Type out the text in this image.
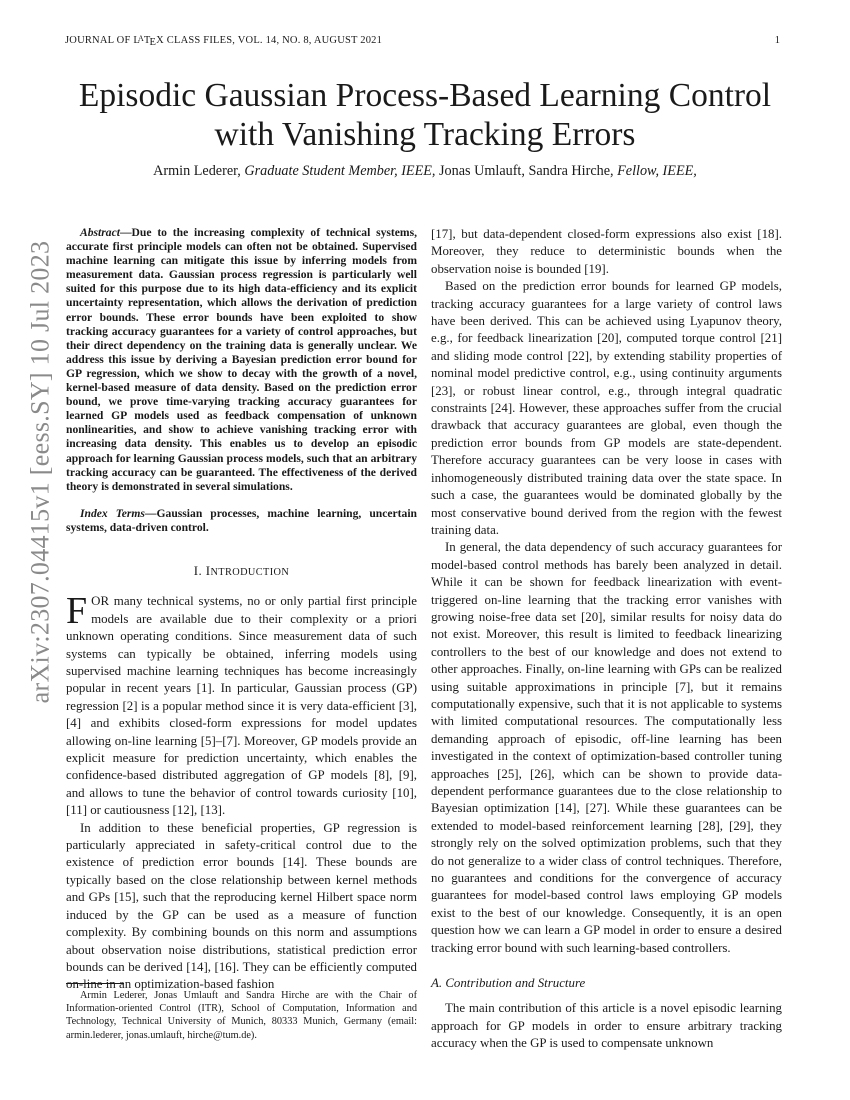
JOURNAL OF LATEX CLASS FILES, VOL. 14, NO. 8, AUGUST 2021	1
arXiv:2307.04415v1 [eess.SY] 10 Jul 2023
Episodic Gaussian Process-Based Learning Control with Vanishing Tracking Errors
Armin Lederer, Graduate Student Member, IEEE, Jonas Umlauft, Sandra Hirche, Fellow, IEEE,

Abstract—Due to the increasing complexity of technical systems, accurate first principle models can often not be obtained. Supervised machine learning can mitigate this issue by inferring models from measurement data. Gaussian process regression is particularly well suited for this purpose due to its high data-efficiency and its explicit uncertainty representation, which allows the derivation of prediction error bounds. These error bounds have been exploited to show tracking accuracy guarantees for a variety of control approaches, but their direct dependency on the training data is generally unclear. We address this issue by deriving a Bayesian prediction error bound for GP regression, which we show to decay with the growth of a novel, kernel-based measure of data density. Based on the prediction error bound, we prove time-varying tracking accuracy guarantees for learned GP models used as feedback compensation of unknown nonlinearities, and show to achieve vanishing tracking error with increasing data density. This enables us to develop an episodic approach for learning Gaussian process models, such that an arbitrary tracking accuracy can be guaranteed. The effectiveness of the derived theory is demonstrated in several simulations.

Index Terms—Gaussian processes, machine learning, uncertain systems, data-driven control.

I. INTRODUCTION

FOR many technical systems, no or only partial first principle models are available due to their complexity or a priori unknown operating conditions. Since measurement data of such systems can typically be obtained, inferring models using supervised machine learning techniques has become increasingly popular in recent years [1]. In particular, Gaussian process (GP) regression [2] is a popular method since it is very data-efficient [3], [4] and exhibits closed-form expressions for model updates allowing on-line learning [5]–[7]. Moreover, GP models provide an explicit measure for prediction uncertainty, which enables the confidence-based distributed aggregation of GP models [8], [9], and allows to tune the behavior of control towards curiosity [10], [11] or cautiousness [12], [13].

In addition to these beneficial properties, GP regression is particularly appreciated in safety-critical control due to the existence of prediction error bounds [14]. These bounds are typically based on the close relationship between kernel methods and GPs [15], such that the reproducing kernel Hilbert space norm induced by the GP can be used as a measure of function complexity. By combining bounds on this norm and assumptions about observation noise distributions, statistical prediction error bounds can be derived [14], [16]. They can be efficiently computed on-line in an optimization-based fashion

Armin Lederer, Jonas Umlauft and Sandra Hirche are with the Chair of Information-oriented Control (ITR), School of Computation, Information and Technology, Technical University of Munich, 80333 Munich, Germany (email: armin.lederer, jonas.umlauft, hirche@tum.de).

[17], but data-dependent closed-form expressions also exist [18]. Moreover, they reduce to deterministic bounds when the observation noise is bounded [19].

Based on the prediction error bounds for learned GP models, tracking accuracy guarantees for a large variety of control laws have been derived. This can be achieved using Lyapunov theory, e.g., for feedback linearization [20], computed torque control [21] and sliding mode control [22], by extending stability properties of nominal model predictive control, e.g., using continuity arguments [23], or robust linear control, e.g., through integral quadratic constraints [24]. However, these approaches suffer from the crucial drawback that accuracy guarantees are global, even though the prediction error bounds from GP models are state-dependent. Therefore accuracy guarantees can be very loose in cases with inhomogeneously distributed training data over the state space. In such a case, the guarantees would be dominated globally by the most conservative bound derived from the region with the fewest training data.

In general, the data dependency of such accuracy guarantees for model-based control methods has barely been analyzed in detail. While it can be shown for feedback linearization with event-triggered on-line learning that the tracking error vanishes with growing noise-free data set [20], similar results for noisy data do not exist. Moreover, this result is limited to feedback linearizing controllers to the best of our knowledge and does not extend to other approaches. Finally, on-line learning with GPs can be realized using suitable approximations in principle [7], but it remains computationally expensive, such that it is not applicable to systems with limited computational resources. The computationally less demanding approach of episodic, off-line learning has been investigated in the context of optimization-based controller tuning approaches [25], [26], which can be shown to provide data-dependent performance guarantees due to the close relationship to Bayesian optimization [14], [27]. While these guarantees can be extended to model-based reinforcement learning [28], [29], they strongly rely on the solved optimization problems, such that they do not generalize to a wider class of control techniques. Therefore, no guarantees and conditions for the convergence of accuracy guarantees for model-based control laws employing GP models exist to the best of our knowledge. Consequently, it is an open question how we can learn a GP model in order to ensure a desired tracking error bound with such learning-based controllers.

A. Contribution and Structure

The main contribution of this article is a novel episodic learning approach for GP models in order to ensure arbitrary tracking accuracy when the GP is used to compensate unknown
